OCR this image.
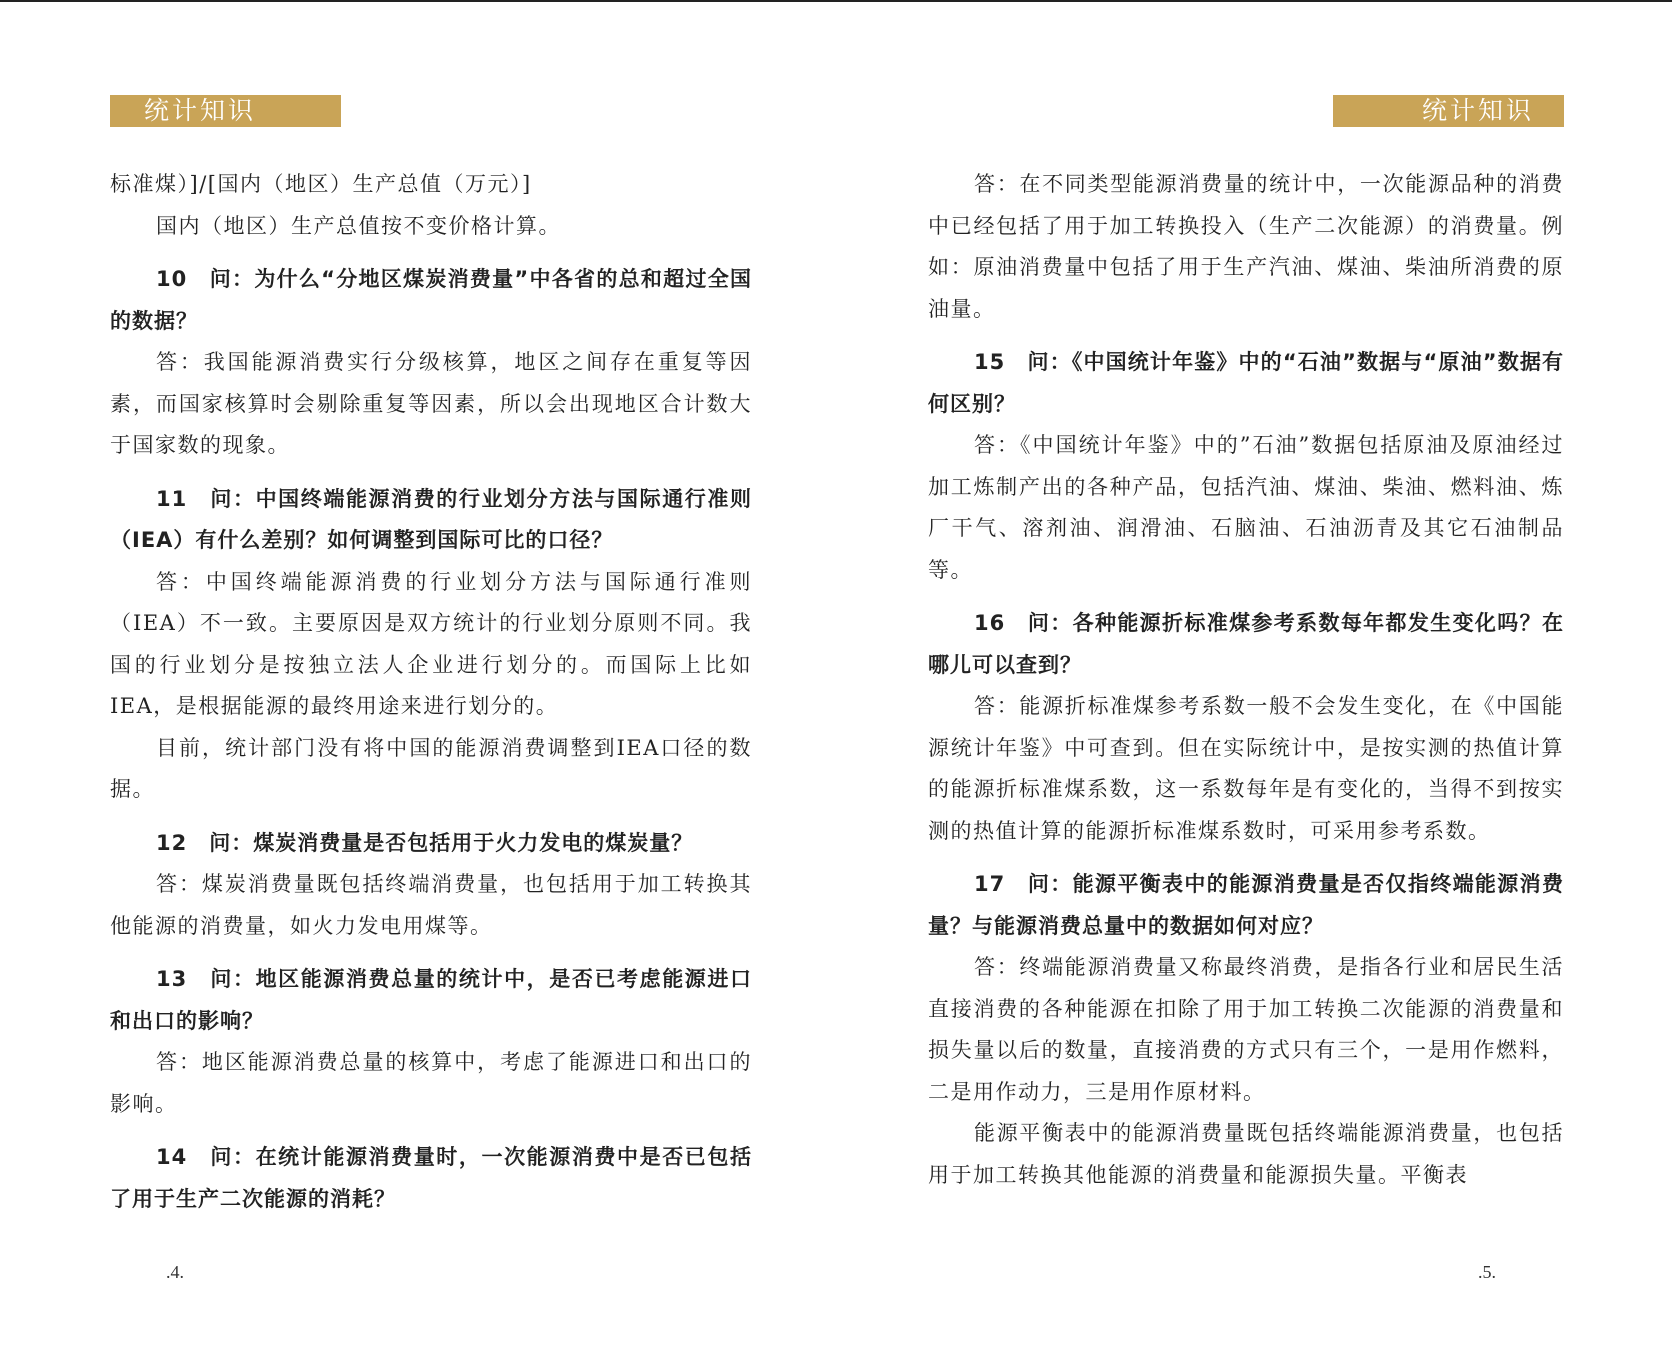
统计知识

标准煤）]/[国内（地区）生产总值（万元）]

国内（地区）生产总值按不变价格计算。

10　问：为什么“分地区煤炭消费量”中各省的总和超过全国的数据？

答：我国能源消费实行分级核算，地区之间存在重复等因素，而国家核算时会剔除重复等因素，所以会出现地区合计数大于国家数的现象。

11　问：中国终端能源消费的行业划分方法与国际通行准则（IEA）有什么差别？如何调整到国际可比的口径？

答：中国终端能源消费的行业划分方法与国际通行准则（IEA）不一致。主要原因是双方统计的行业划分原则不同。我国的行业划分是按独立法人企业进行划分的。而国际上比如IEA，是根据能源的最终用途来进行划分的。

目前，统计部门没有将中国的能源消费调整到IEA口径的数据。

12　问：煤炭消费量是否包括用于火力发电的煤炭量？

答：煤炭消费量既包括终端消费量，也包括用于加工转换其他能源的消费量，如火力发电用煤等。

13　问：地区能源消费总量的统计中，是否已考虑能源进口和出口的影响？

答：地区能源消费总量的核算中，考虑了能源进口和出口的影响。

14　问：在统计能源消费量时，一次能源消费中是否已包括了用于生产二次能源的消耗？

.4.
统计知识

答：在不同类型能源消费量的统计中，一次能源品种的消费中已经包括了用于加工转换投入（生产二次能源）的消费量。例如：原油消费量中包括了用于生产汽油、煤油、柴油所消费的原油量。

15　问：《中国统计年鉴》中的“石油”数据与“原油”数据有何区别？

答：《中国统计年鉴》中的”石油”数据包括原油及原油经过加工炼制产出的各种产品，包括汽油、煤油、柴油、燃料油、炼厂干气、溶剂油、润滑油、石脑油、石油沥青及其它石油制品等。

16　问：各种能源折标准煤参考系数每年都发生变化吗？在哪儿可以查到？

答：能源折标准煤参考系数一般不会发生变化，在《中国能源统计年鉴》中可查到。但在实际统计中，是按实测的热值计算的能源折标准煤系数，这一系数每年是有变化的，当得不到按实测的热值计算的能源折标准煤系数时，可采用参考系数。

17　问：能源平衡表中的能源消费量是否仅指终端能源消费量？与能源消费总量中的数据如何对应？

答：终端能源消费量又称最终消费，是指各行业和居民生活直接消费的各种能源在扣除了用于加工转换二次能源的消费量和损失量以后的数量，直接消费的方式只有三个，一是用作燃料，二是用作动力，三是用作原材料。

能源平衡表中的能源消费量既包括终端能源消费量，也包括用于加工转换其他能源的消费量和能源损失量。平衡表

.5.
